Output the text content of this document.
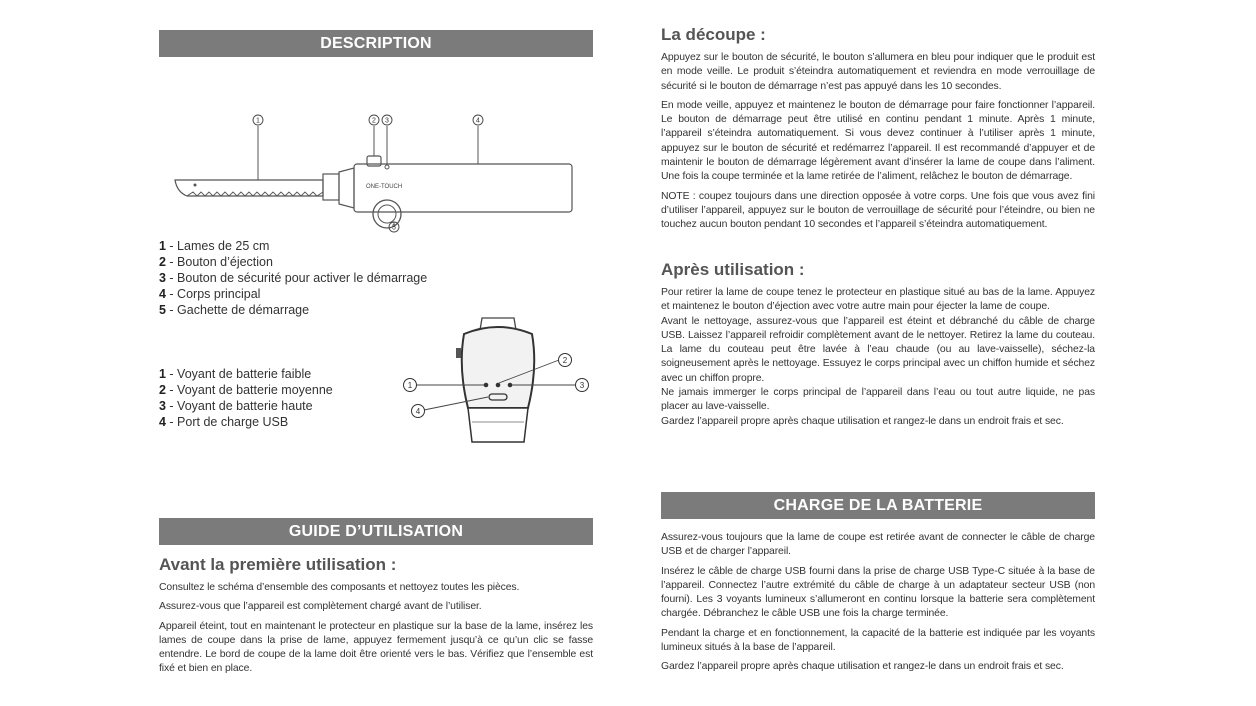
DESCRIPTION
ONE-TOUCH
1	2 3	4
5
1 - Lames de 25 cm
2 - Bouton d’éjection
3 - Bouton de sécurité pour activer le démarrage
4 - Corps principal
5 - Gachette de démarrage
1 - Voyant de batterie faible
2 - Voyant de batterie moyenne
3 - Voyant de batterie haute
4 - Port de charge USB
1
2
3
4
GUIDE D’UTILISATION

Avant la première utilisation :

Consultez le schéma d’ensemble des composants et nettoyez toutes les pièces.

Assurez-vous que l’appareil est complètement chargé avant de l’utiliser.

Appareil éteint, tout en maintenant le protecteur en plastique sur la base de la lame, insérez les lames de coupe dans la prise de lame, appuyez fermement jusqu’à ce qu’un clic se fasse entendre. Le bord de coupe de la lame doit être orienté vers le bas. Vérifiez que l’ensemble est fixé et bien en place.

La découpe :

Appuyez sur le bouton de sécurité, le bouton s’allumera en bleu pour indiquer que le produit est en mode veille. Le produit s’éteindra automatiquement et reviendra en mode verrouillage de sécurité si le bouton de démarrage n’est pas appuyé dans les 10 secondes.

En mode veille, appuyez et maintenez le bouton de démarrage pour faire fonctionner l’appareil. Le bouton de démarrage peut être utilisé en continu pendant 1 minute. Après 1 minute, l’appareil s’éteindra automatiquement. Si vous devez continuer à l’utiliser après 1 minute, appuyez sur le bouton de sécurité et redémarrez l’appareil. Il est recommandé d’appuyer et de maintenir le bouton de démarrage légèrement avant d’insérer la lame de coupe dans l’aliment. Une fois la coupe terminée et la lame retirée de l’aliment, relâchez le bouton de démarrage.

NOTE : coupez toujours dans une direction opposée à votre corps. Une fois que vous avez fini d’utiliser l’appareil, appuyez sur le bouton de verrouillage de sécurité pour l’éteindre, ou bien ne touchez aucun bouton pendant 10 secondes et l’appareil s’éteindra automatiquement.

Après utilisation :

Pour retirer la lame de coupe tenez le protecteur en plastique situé au bas de la lame. Appuyez et maintenez le bouton d’éjection avec votre autre main pour éjecter la lame de coupe.

Avant le nettoyage, assurez-vous que l’appareil est éteint et débranché du câble de charge USB. Laissez l’appareil refroidir complètement avant de le nettoyer. Retirez la lame du couteau. La lame du couteau peut être lavée à l’eau chaude (ou au lave-vaisselle), séchez-la soigneusement après le nettoyage. Essuyez le corps principal avec un chiffon humide et séchez avec un chiffon propre.

Ne jamais immerger le corps principal de l’appareil dans l’eau ou tout autre liquide, ne pas placer au lave-vaisselle.

Gardez l’appareil propre après chaque utilisation et rangez-le dans un endroit frais et sec.

CHARGE DE LA BATTERIE

Assurez-vous toujours que la lame de coupe est retirée avant de connecter le câble de charge USB et de charger l’appareil.

Insérez le câble de charge USB fourni dans la prise de charge USB Type-C située à la base de l’appareil. Connectez l’autre extrémité du câble de charge à un adaptateur secteur USB (non fourni). Les 3 voyants lumineux s’allumeront en continu lorsque la batterie sera complètement chargée. Débranchez le câble USB une fois la charge terminée.

Pendant la charge et en fonctionnement, la capacité de la batterie est indiquée par les voyants lumineux situés à la base de l’appareil.

Gardez l’appareil propre après chaque utilisation et rangez-le dans un endroit frais et sec.
